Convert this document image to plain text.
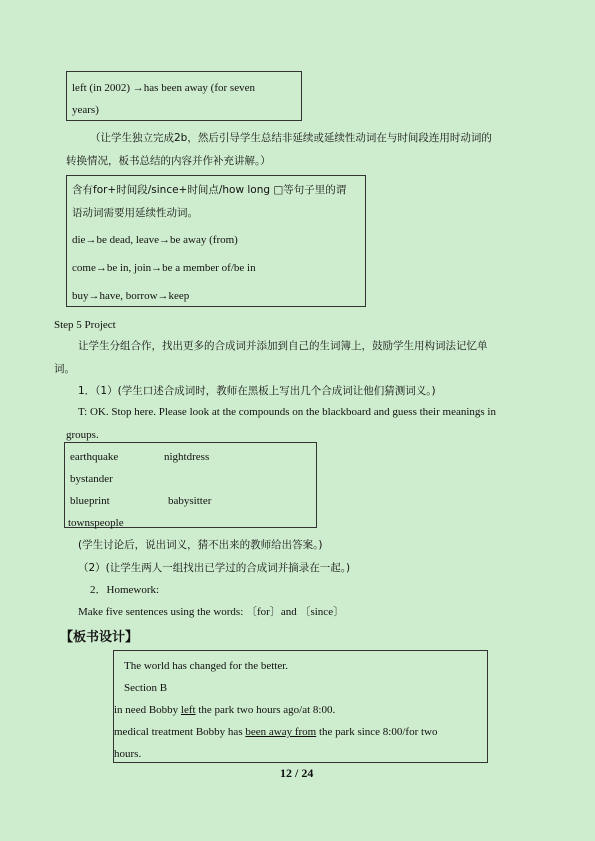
left (in 2002) →has been away (for seven
years)
（让学生独立完成2b，然后引导学生总结非延续或延续性动词在与时间段连用时动词的
转换情况，板书总结的内容并作补充讲解。）
含有for+时间段/since+时间点/how long □等句子里的谓
语动词需要用延续性动词。
die→be dead, leave→be away (from)
come→be in, join→be a member of/be in
buy→have, borrow→keep
Step 5 Project
让学生分组合作，找出更多的合成词并添加到自己的生词簿上，鼓励学生用构词法记忆单
词。
1．（1）(学生口述合成词时，教师在黑板上写出几个合成词让他们猜测词义。)
T: OK. Stop here. Please look at the compounds on the blackboard and guess their meanings in
groups.
earthquake	nightdress
bystander
blueprint	babysitter
townspeople
(学生讨论后，说出词义，猜不出来的教师给出答案。)
（2）(让学生两人一组找出已学过的合成词并摘录在一起。)
2．Homework:
Make five sentences using the words: 〔for〕and 〔since〕
【板书设计】
The world has changed for the better.
Section B
in need Bobby left the park two hours ago/at 8:00.
medical treatment Bobby has been away from the park since 8:00/for two
hours.
12 / 24
